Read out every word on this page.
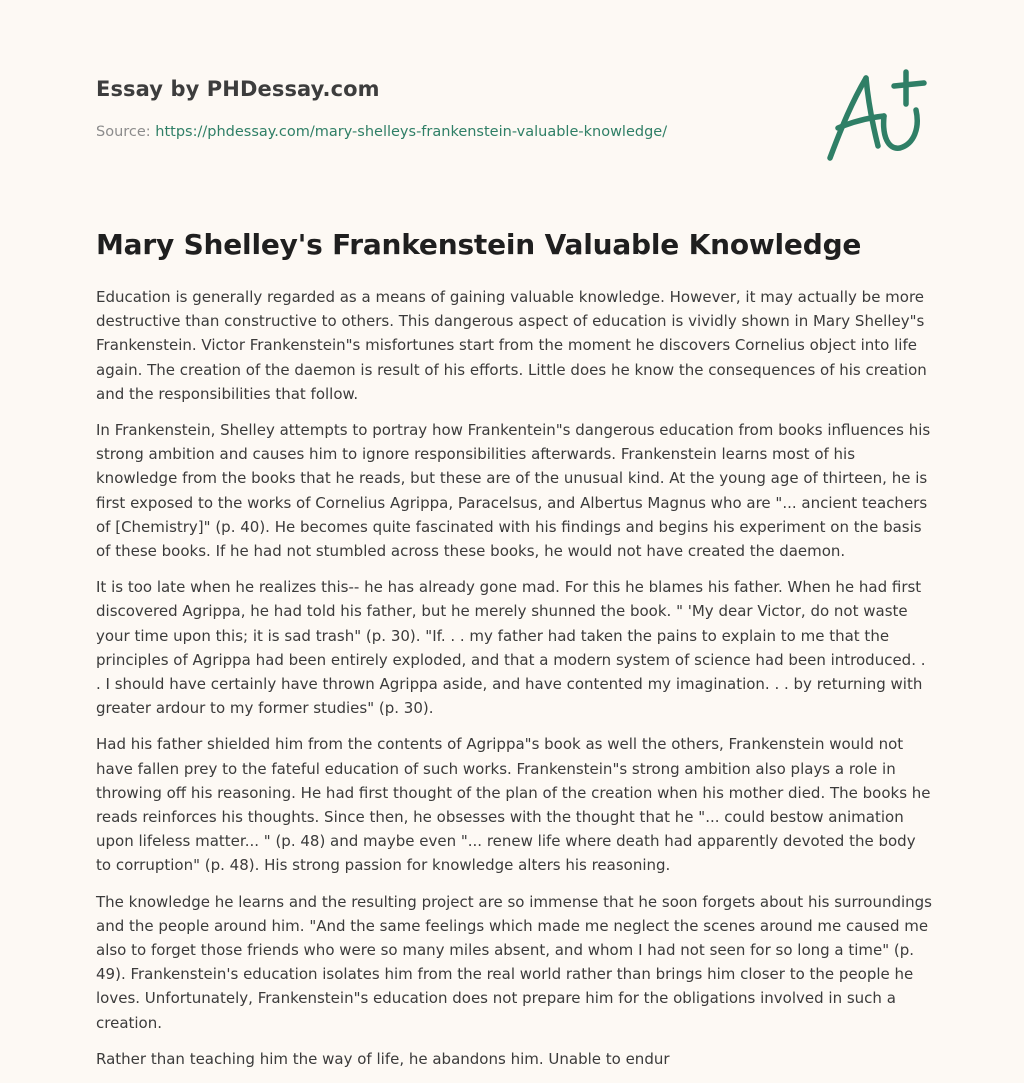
Essay by PHDessay.com

Source: https://phdessay.com/mary-shelleys-frankenstein-valuable-knowledge/

Mary Shelley's Frankenstein Valuable Knowledge

Education is generally regarded as a means of gaining valuable knowledge. However, it may actually be more destructive than constructive to others. This dangerous aspect of education is vividly shown in Mary Shelley"s Frankenstein. Victor Frankenstein"s misfortunes start from the moment he discovers Cornelius object into life again. The creation of the daemon is result of his efforts. Little does he know the consequences of his creation and the responsibilities that follow.

In Frankenstein, Shelley attempts to portray how Frankentein"s dangerous education from books influences his strong ambition and causes him to ignore responsibilities afterwards. Frankenstein learns most of his knowledge from the books that he reads, but these are of the unusual kind. At the young age of thirteen, he is first exposed to the works of Cornelius Agrippa, Paracelsus, and Albertus Magnus who are "... ancient teachers of [Chemistry]" (p. 40). He becomes quite fascinated with his findings and begins his experiment on the basis of these books. If he had not stumbled across these books, he would not have created the daemon.

It is too late when he realizes this-- he has already gone mad. For this he blames his father. When he had first discovered Agrippa, he had told his father, but he merely shunned the book. " 'My dear Victor, do not waste your time upon this; it is sad trash" (p. 30). "If. . . my father had taken the pains to explain to me that the principles of Agrippa had been entirely exploded, and that a modern system of science had been introduced. . . I should have certainly have thrown Agrippa aside, and have contented my imagination. . . by returning with greater ardour to my former studies" (p. 30).

Had his father shielded him from the contents of Agrippa"s book as well the others, Frankenstein would not have fallen prey to the fateful education of such works. Frankenstein"s strong ambition also plays a role in throwing off his reasoning. He had first thought of the plan of the creation when his mother died. The books he reads reinforces his thoughts. Since then, he obsesses with the thought that he "... could bestow animation upon lifeless matter... " (p. 48) and maybe even "... renew life where death had apparently devoted the body to corruption" (p. 48). His strong passion for knowledge alters his reasoning.

The knowledge he learns and the resulting project are so immense that he soon forgets about his surroundings and the people around him. "And the same feelings which made me neglect the scenes around me caused me also to forget those friends who were so many miles absent, and whom I had not seen for so long a time" (p. 49). Frankenstein's education isolates him from the real world rather than brings him closer to the people he loves. Unfortunately, Frankenstein"s education does not prepare him for the obligations involved in such a creation.

Rather than teaching him the way of life, he abandons him. Unable to endur
